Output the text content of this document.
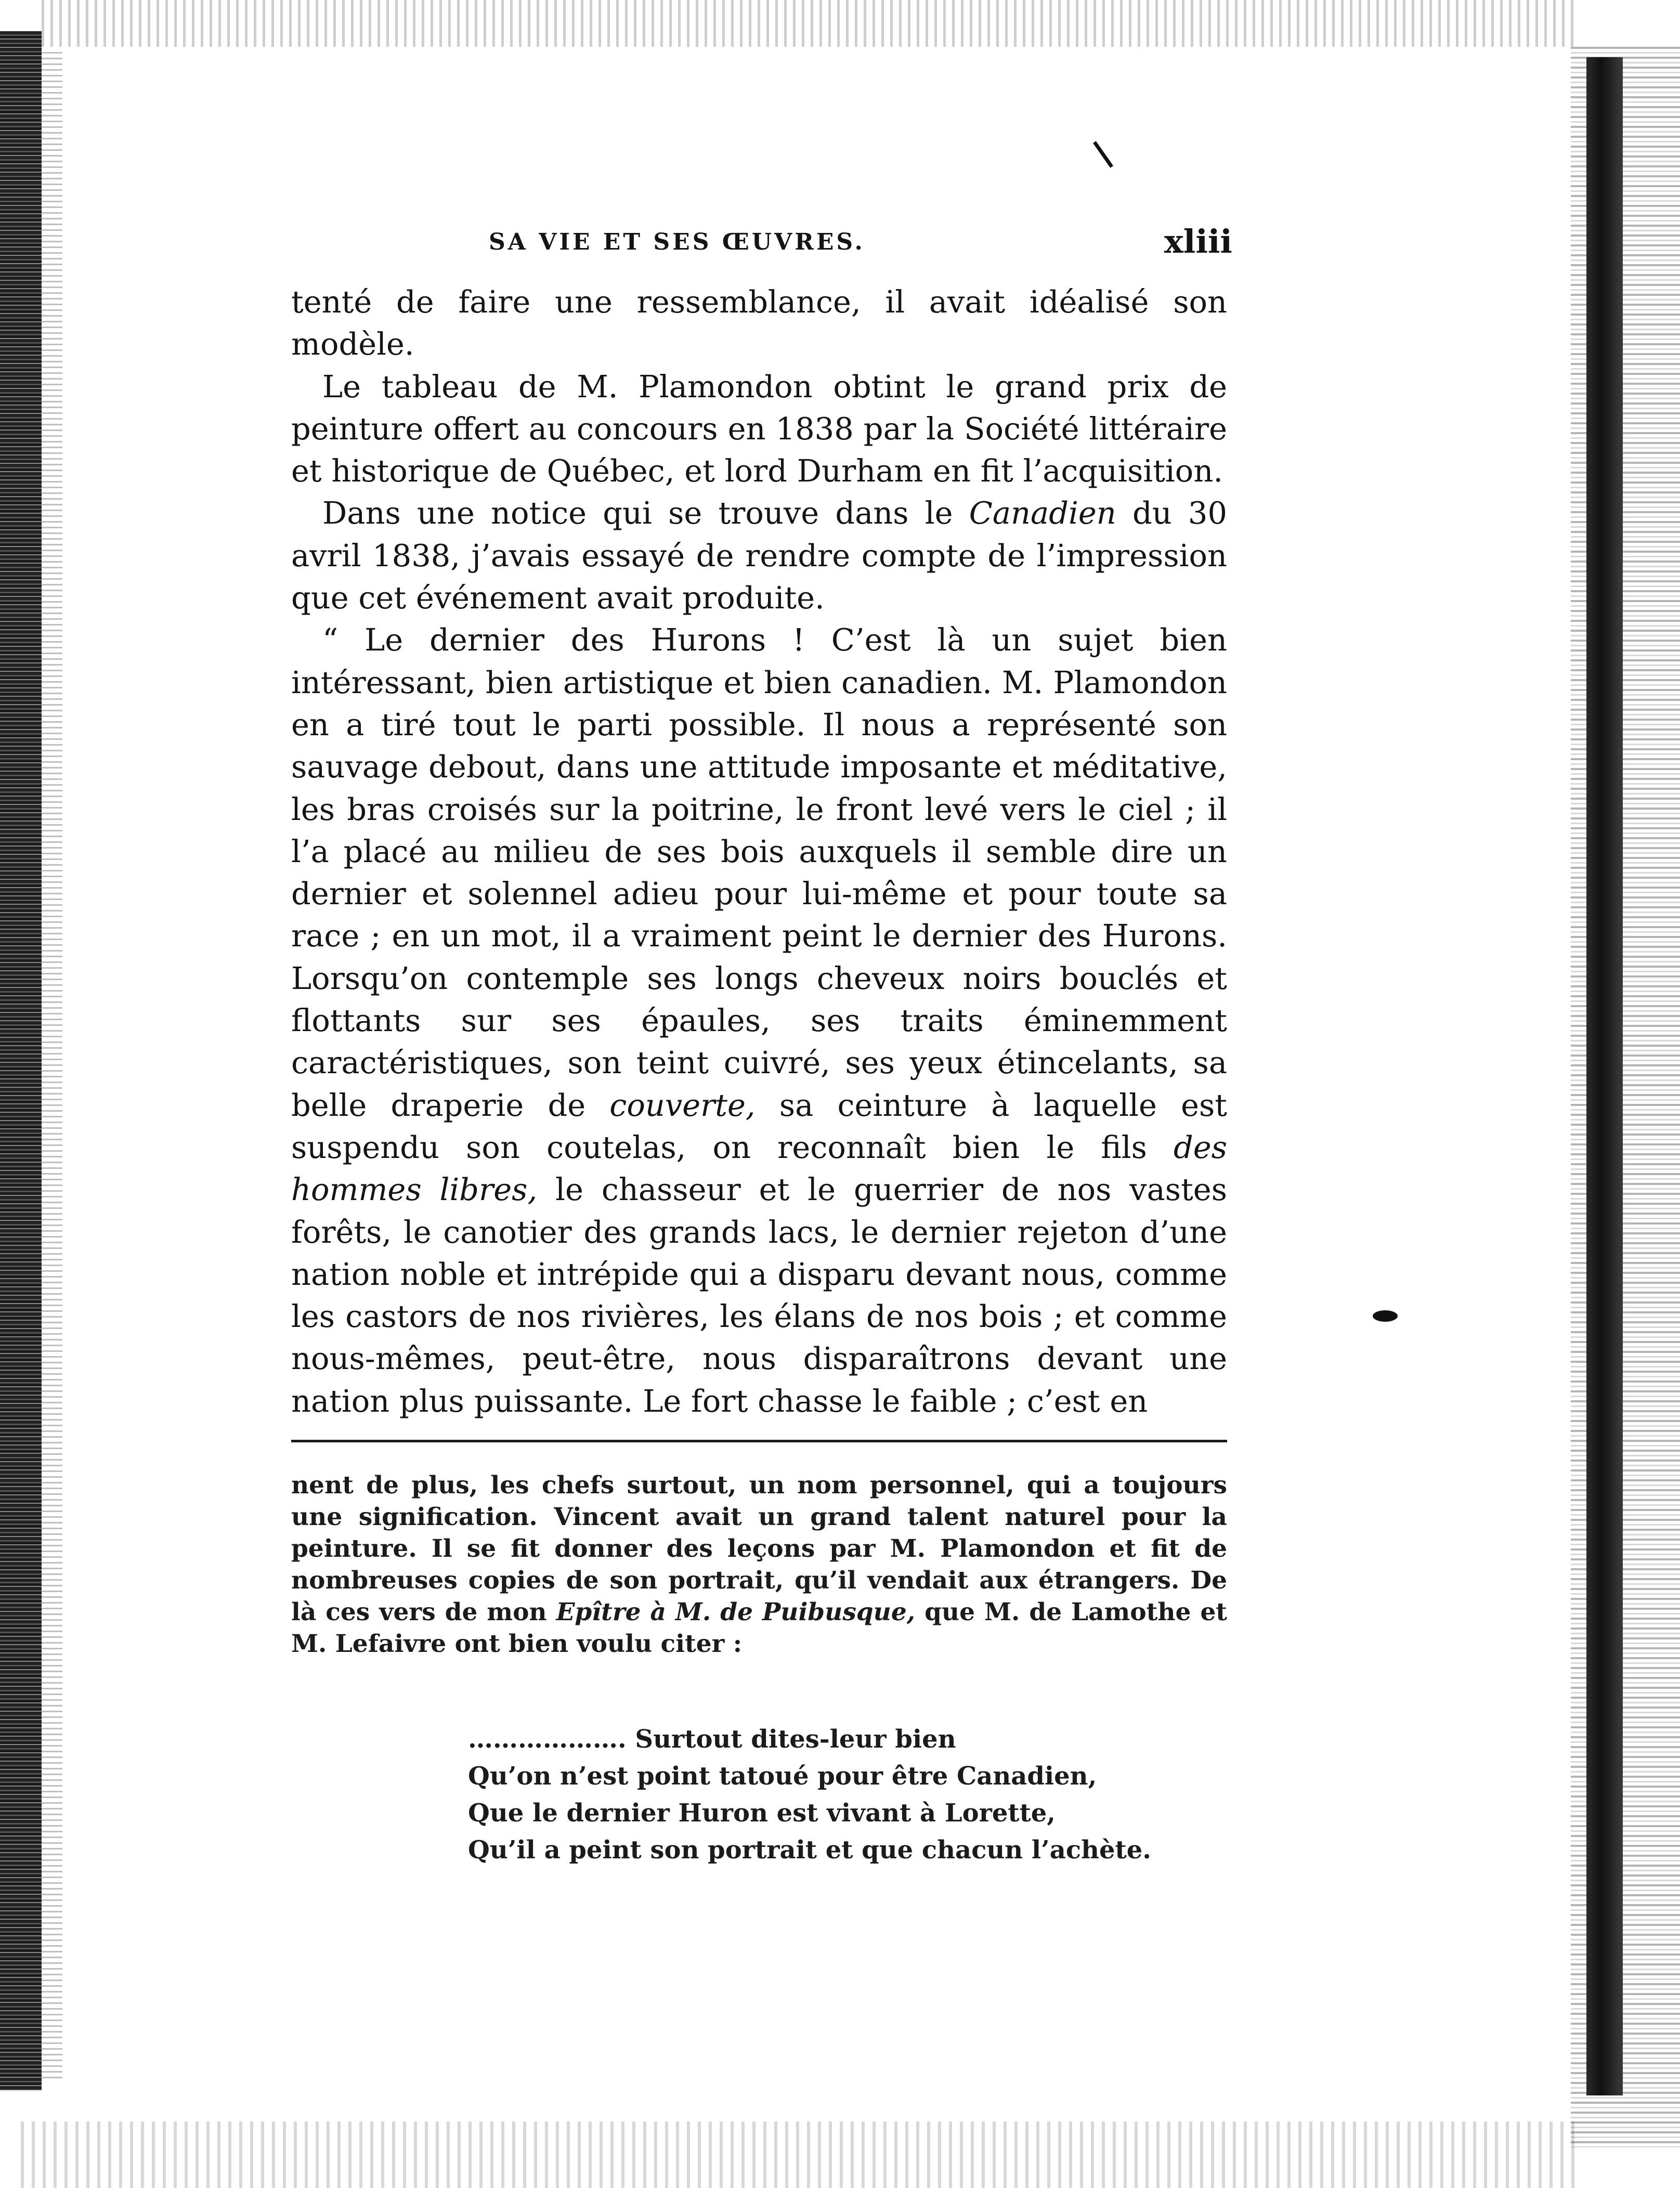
SA VIE ET SES ŒUVRES.	xliii

tenté de faire une ressemblance, il avait idéalisé son modèle.

Le tableau de M. Plamondon obtint le grand prix de peinture offert au concours en 1838 par la Société littéraire et historique de Québec, et lord Durham en fit l’acquisition.

Dans une notice qui se trouve dans le Canadien du 30 avril 1838, j’avais essayé de rendre compte de l’impression que cet événement avait produite.

“ Le dernier des Hurons ! C’est là un sujet bien intéressant, bien artistique et bien canadien. M. Plamondon en a tiré tout le parti possible. Il nous a représenté son sauvage debout, dans une attitude imposante et méditative, les bras croisés sur la poitrine, le front levé vers le ciel ; il l’a placé au milieu de ses bois auxquels il semble dire un dernier et solennel adieu pour lui-même et pour toute sa race ; en un mot, il a vraiment peint le dernier des Hurons. Lorsqu’on contemple ses longs cheveux noirs bouclés et flottants sur ses épaules, ses traits éminemment caractéristiques, son teint cuivré, ses yeux étincelants, sa belle draperie de couverte, sa ceinture à laquelle est suspendu son coutelas, on reconnaît bien le fils des hommes libres, le chasseur et le guerrier de nos vastes forêts, le canotier des grands lacs, le dernier rejeton d’une nation noble et intrépide qui a disparu devant nous, comme les castors de nos rivières, les élans de nos bois ; et comme nous-mêmes, peut-être, nous disparaîtrons devant une nation plus puissante. Le fort chasse le faible ; c’est en

nent de plus, les chefs surtout, un nom personnel, qui a toujours une signification. Vincent avait un grand talent naturel pour la peinture. Il se fit donner des leçons par M. Plamondon et fit de nombreuses copies de son portrait, qu’il vendait aux étrangers. De là ces vers de mon Epître à M. de Puibusque, que M. de Lamothe et M. Lefaivre ont bien voulu citer :
………………. Surtout dites-leur bien
Qu’on n’est point tatoué pour être Canadien,
Que le dernier Huron est vivant à Lorette,
Qu’il a peint son portrait et que chacun l’achète.
